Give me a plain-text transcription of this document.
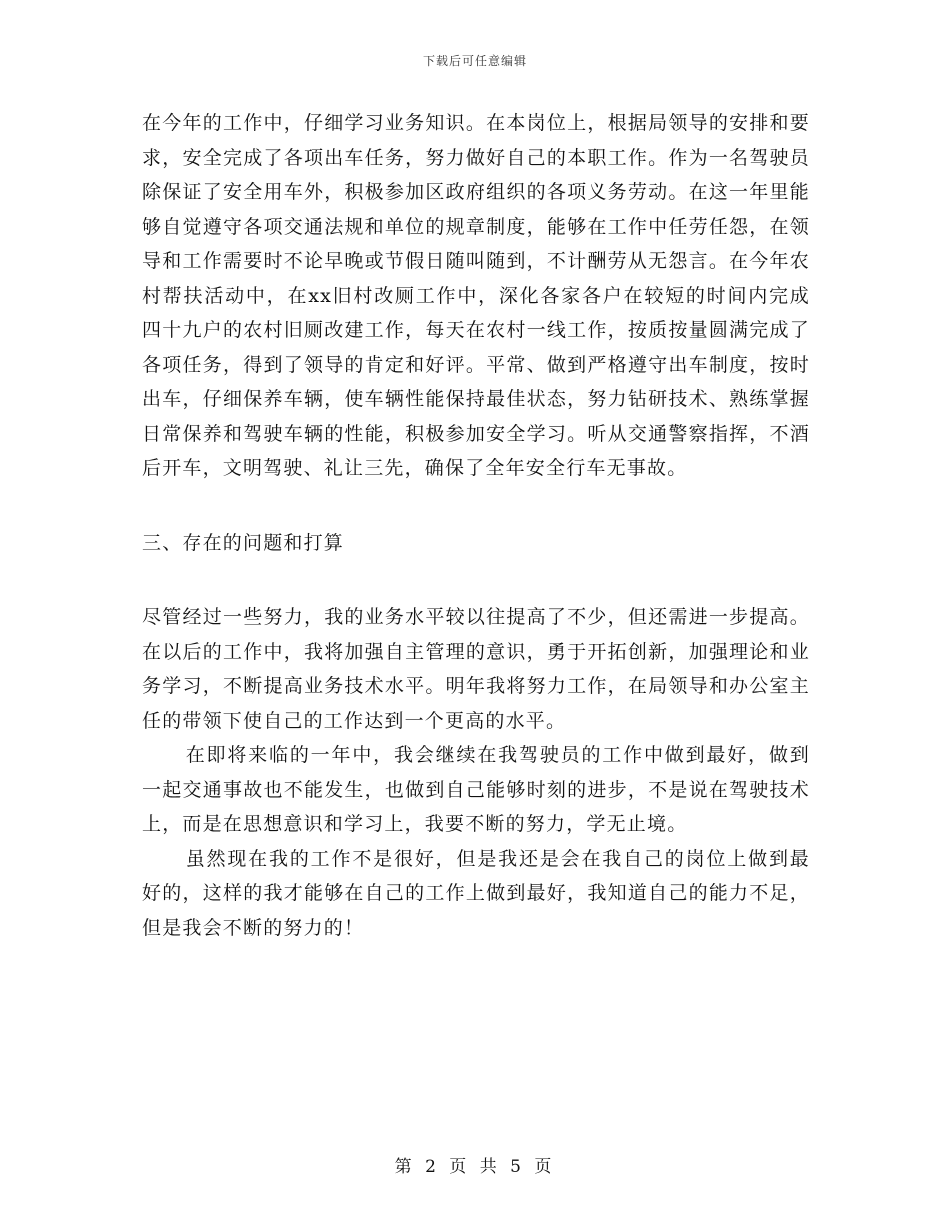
下载后可任意编辑

在今年的工作中，仔细学习业务知识。在本岗位上，根据局领导的安排和要求，安全完成了各项出车任务，努力做好自己的本职工作。作为一名驾驶员除保证了安全用车外，积极参加区政府组织的各项义务劳动。在这一年里能够自觉遵守各项交通法规和单位的规章制度，能够在工作中任劳任怨，在领导和工作需要时不论早晚或节假日随叫随到，不计酬劳从无怨言。在今年农村帮扶活动中，在xx旧村改厕工作中，深化各家各户在较短的时间内完成四十九户的农村旧厕改建工作，每天在农村一线工作，按质按量圆满完成了各项任务，得到了领导的肯定和好评。平常、做到严格遵守出车制度，按时出车，仔细保养车辆，使车辆性能保持最佳状态，努力钻研技术、熟练掌握日常保养和驾驶车辆的性能，积极参加安全学习。听从交通警察指挥，不酒后开车，文明驾驶、礼让三先，确保了全年安全行车无事故。

三、存在的问题和打算

尽管经过一些努力，我的业务水平较以往提高了不少，但还需进一步提高。在以后的工作中，我将加强自主管理的意识，勇于开拓创新，加强理论和业务学习，不断提高业务技术水平。明年我将努力工作，在局领导和办公室主任的带领下使自己的工作达到一个更高的水平。

在即将来临的一年中，我会继续在我驾驶员的工作中做到最好，做到一起交通事故也不能发生，也做到自己能够时刻的进步，不是说在驾驶技术上，而是在思想意识和学习上，我要不断的努力，学无止境。

虽然现在我的工作不是很好，但是我还是会在我自己的岗位上做到最好的，这样的我才能够在自己的工作上做到最好，我知道自己的能力不足，但是我会不断的努力的！

第 2 页 共 5 页
